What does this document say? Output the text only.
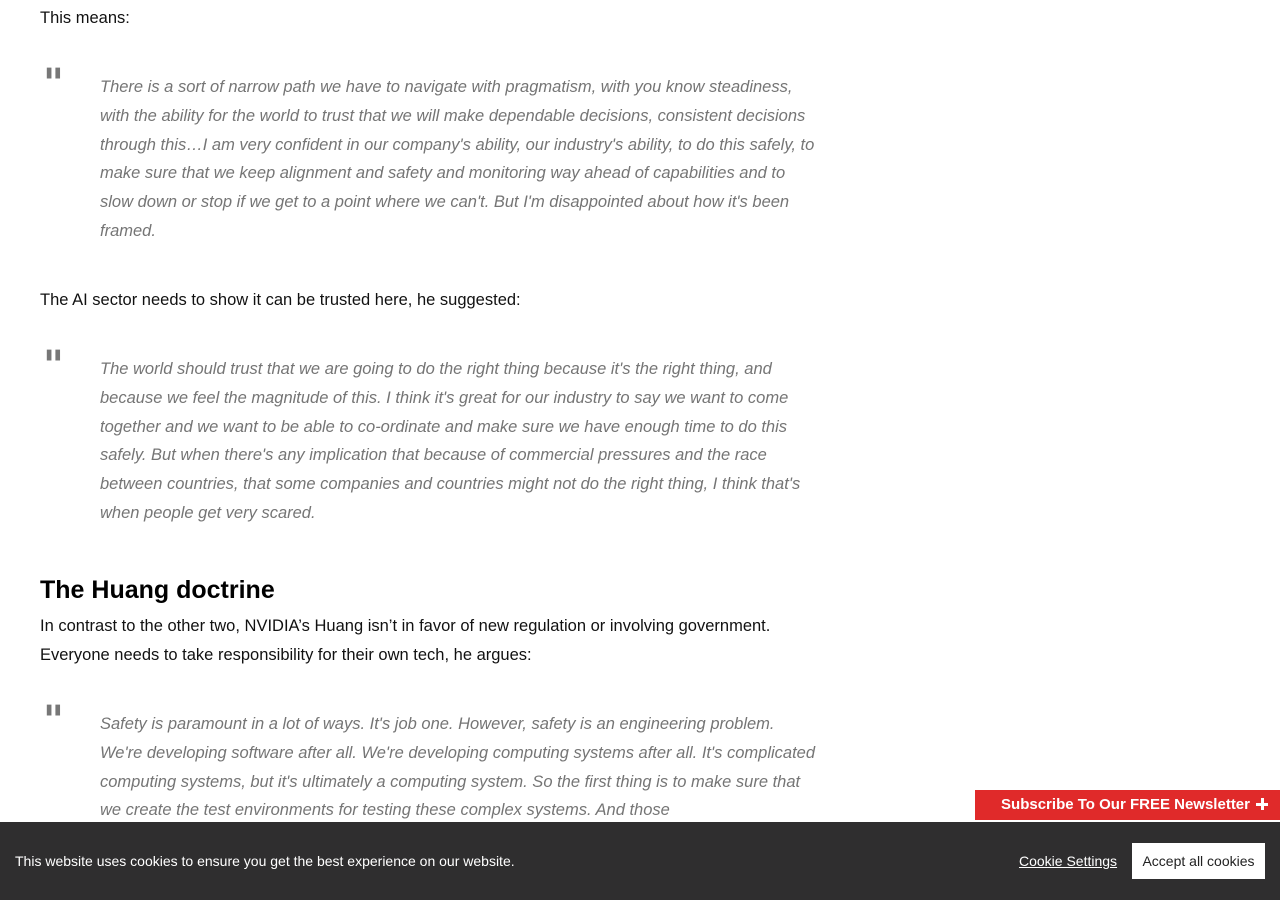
This means:

" There is a sort of narrow path we have to navigate with pragmatism, with you know steadiness, with the ability for the world to trust that we will make dependable decisions, consistent decisions through this…I am very confident in our company's ability, our industry's ability, to do this safely, to make sure that we keep alignment and safety and monitoring way ahead of capabilities and to slow down or stop if we get to a point where we can't. But I'm disappointed about how it's been framed.

The AI sector needs to show it can be trusted here, he suggested:

" The world should trust that we are going to do the right thing because it's the right thing, and because we feel the magnitude of this. I think it's great for our industry to say we want to come together and we want to be able to co-ordinate and make sure we have enough time to do this safely. But when there's any implication that because of commercial pressures and the race between countries, that some companies and countries might not do the right thing, I think that's when people get very scared.

The Huang doctrine

In contrast to the other two, NVIDIA’s Huang isn’t in favor of new regulation or involving government. Everyone needs to take responsibility for their own tech, he argues:

" Safety is paramount in a lot of ways. It's job one. However, safety is an engineering problem. We're developing software after all. We're developing computing systems after all. It's complicated computing systems, but it's ultimately a computing system. So the first thing is to make sure that we create the test environments for testing these complex systems. And those	Subscribe To Our FREE Newsletter
This website uses cookies to ensure you get the best experience on our website.	Cookie Settings	Accept all cookies
